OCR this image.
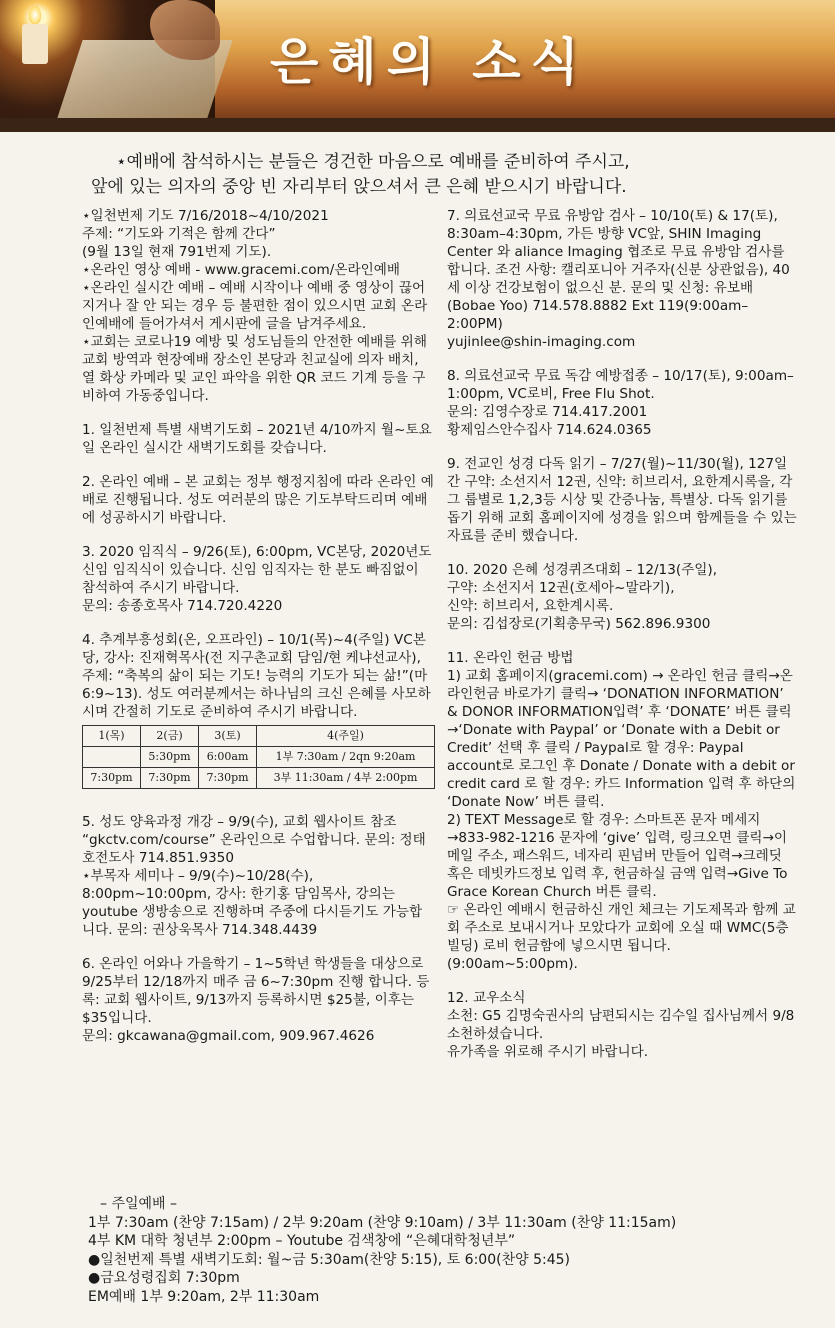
은혜의 소식
⋆예배에 참석하시는 분들은 경건한 마음으로 예배를 준비하여 주시고,
앞에 있는 의자의 중앙 빈 자리부터 앉으셔서 큰 은혜 받으시기 바랍니다.

⋆일천번제 기도 7/16/2018~4/10/2021

주제: “기도와 기적은 함께 간다”

(9월 13일 현재 791번제 기도).

⋆온라인 영상 예배 - www.gracemi.com/온라인예배

⋆온라인 실시간 예배 – 예배 시작이나 예배 중 영상이 끊어지거나 잘 안 되는 경우 등 불편한 점이 있으시면 교회 온라인예배에 들어가셔서 게시판에 글을 남겨주세요.

⋆교회는 코로나19 예방 및 성도님들의 안전한 예배를 위해 교회 방역과 현장예배 장소인 본당과 친교실에 의자 배치, 열 화상 카메라 및 교인 파악을 위한 QR 코드 기계 등을 구비하여 가동중입니다.

1. 일천번제 특별 새벽기도회 – 2021년 4/10까지 월~토요일 온라인 실시간 새벽기도회를 갖습니다.

2. 온라인 예배 – 본 교회는 정부 행정지침에 따라 온라인 예배로 진행됩니다. 성도 여러분의 많은 기도부탁드리며 예배에 성공하시기 바랍니다.

3. 2020 임직식 – 9/26(토), 6:00pm, VC본당, 2020년도 신임 임직식이 있습니다. 신임 임직자는 한 분도 빠짐없이 참석하여 주시기 바랍니다.

문의: 송종호목사 714.720.4220

4. 추계부흥성회(온, 오프라인) – 10/1(목)~4(주일) VC본당, 강사: 진재혁목사(전 지구촌교회 담임/현 케냐선교사), 주제: “축복의 삶이 되는 기도! 능력의 기도가 되는 삶!”(마 6:9~13). 성도 여러분께서는 하나님의 크신 은혜를 사모하시며 간절히 기도로 준비하여 주시기 바랍니다.

1(목)	2(금)	3(토)	4(주일)
	5:30pm	6:00am	1부 7:30am / 2qn 9:20am
7:30pm	7:30pm	7:30pm	3부 11:30am / 4부 2:00pm

5. 성도 양육과정 개강 – 9/9(수), 교회 웹사이트 참조 “gkctv.com/course” 온라인으로 수업합니다. 문의: 정태호전도사 714.851.9350

⋆부목자 세미나 – 9/9(수)~10/28(수), 8:00pm~10:00pm, 강사: 한기홍 담임목사, 강의는 youtube 생방송으로 진행하며 주중에 다시듣기도 가능합니다. 문의: 권상욱목사 714.348.4439

6. 온라인 어와나 가을학기 – 1~5학년 학생들을 대상으로 9/25부터 12/18까지 매주 금 6~7:30pm 진행 합니다. 등록: 교회 웹사이트, 9/13까지 등록하시면 $25불, 이후는 $35입니다.

문의: gkcawana@gmail.com, 909.967.4626

7. 의료선교국 무료 유방암 검사 – 10/10(토) & 17(토), 8:30am–4:30pm, 가든 방향 VC앞, SHIN Imaging Center 와 aliance Imaging 협조로 무료 유방암 검사를 합니다. 조건 사항: 캘리포니아 거주자(신분 상관없음), 40세 이상 건강보험이 없으신 분. 문의 및 신청: 유보배(Bobae Yoo) 714.578.8882 Ext 119(9:00am–2:00PM)

yujinlee@shin-imaging.com

8. 의료선교국 무료 독감 예방접종 – 10/17(토), 9:00am–1:00pm, VC로비, Free Flu Shot.

문의: 김영수장로 714.417.2001

황제임스안수집사 714.624.0365

9. 전교인 성경 다독 읽기 – 7/27(월)~11/30(월), 127일간 구약: 소선지서 12권, 신약: 히브리서, 요한계시록을, 각 그 룹별로 1,2,3등 시상 및 간증나눔, 특별상. 다독 읽기를 돕기 위해 교회 홈페이지에 성경을 읽으며 함께들을 수 있는 자료를 준비 했습니다.

10. 2020 은혜 성경퀴즈대회 – 12/13(주일),

구약: 소선지서 12권(호세아~말라기),

신약: 히브리서, 요한계시록.

문의: 김섭장로(기획총무국) 562.896.9300

11. 온라인 헌금 방법

1) 교회 홈페이지(gracemi.com) → 온라인 헌금 클릭→온라인헌금 바로가기 클릭→ ‘DONATION INFORMATION’ & DONOR INFORMATION입력’ 후 ‘DONATE’ 버튼 클릭→‘Donate with Paypal’ or ‘Donate with a Debit or Credit’ 선택 후 클릭 / Paypal로 할 경우: Paypal account로 로그인 후 Donate / Donate with a debit or credit card 로 할 경우: 카드 Information 입력 후 하단의 ‘Donate Now’ 버튼 클릭.

2) TEXT Message로 할 경우: 스마트폰 문자 메세지→833-982-1216 문자에 ‘give’ 입력, 링크오면 클릭→이메일 주소, 패스워드, 네자리 핀넘버 만들어 입력→크레딧 혹은 데빗카드정보 입력 후, 헌금하실 금액 입력→Give To Grace Korean Church 버튼 클릭.

☞ 온라인 예배시 헌금하신 개인 체크는 기도제목과 함께 교회 주소로 보내시거나 모았다가 교회에 오실 때 WMC(5층빌딩) 로비 헌금함에 넣으시면 됩니다. (9:00am~5:00pm).

12. 교우소식

소천: G5 김명숙권사의 남편되시는 김수일 집사님께서 9/8 소천하셨습니다.

유가족을 위로해 주시기 바랍니다.

– 주일예배 –

1부 7:30am (찬양 7:15am) / 2부 9:20am (찬양 9:10am) / 3부 11:30am (찬양 11:15am)

4부 KM 대학 청년부 2:00pm – Youtube 검색창에 “은혜대학청년부”

●일천번제 특별 새벽기도회: 월~금 5:30am(찬양 5:15), 토 6:00(찬양 5:45)

●금요성령집회 7:30pm

EM예배 1부 9:20am, 2부 11:30am
